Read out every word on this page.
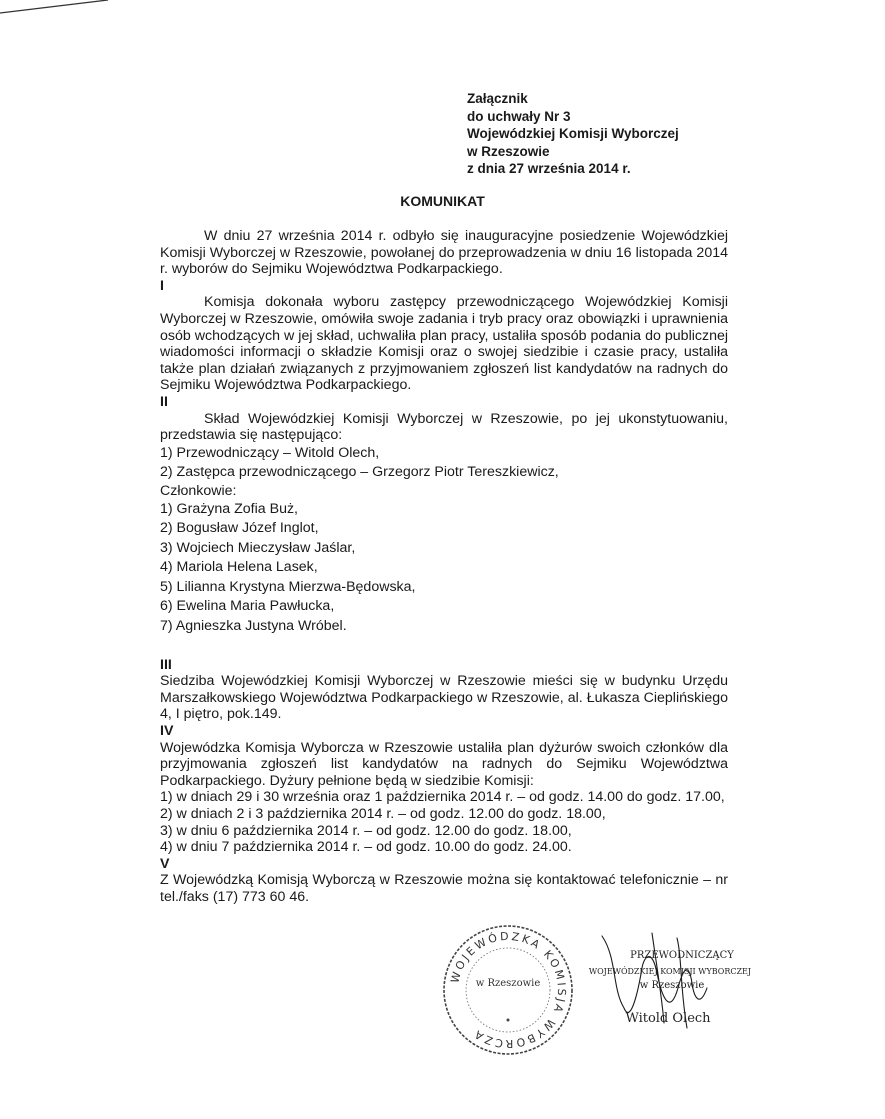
Załącznik
do uchwały Nr 3
Wojewódzkiej Komisji Wyborczej
w Rzeszowie
z dnia 27 września 2014 r.
KOMUNIKAT

W dniu 27 września 2014 r. odbyło się inauguracyjne posiedzenie Wojewódzkiej Komisji Wyborczej w Rzeszowie, powołanej do przeprowadzenia w dniu 16 listopada 2014 r. wyborów do Sejmiku Województwa Podkarpackiego.

I

Komisja dokonała wyboru zastępcy przewodniczącego Wojewódzkiej Komisji Wyborczej w Rzeszowie, omówiła swoje zadania i tryb pracy oraz obowiązki i uprawnienia osób wchodzących w jej skład, uchwaliła plan pracy, ustaliła sposób podania do publicznej wiadomości informacji o składzie Komisji oraz o swojej siedzibie i czasie pracy, ustaliła także plan działań związanych z przyjmowaniem zgłoszeń list kandydatów na radnych do Sejmiku Województwa Podkarpackiego.

II

Skład Wojewódzkiej Komisji Wyborczej w Rzeszowie, po jej ukonstytuowaniu, przedstawia się następująco:

1) Przewodniczący – Witold Olech,

2) Zastępca przewodniczącego – Grzegorz Piotr Tereszkiewicz,

Członkowie:

1) Grażyna Zofia Buż,

2) Bogusław Józef Inglot,

3) Wojciech Mieczysław Jaślar,

4) Mariola Helena Lasek,

5) Lilianna Krystyna Mierzwa-Będowska,

6) Ewelina Maria Pawłucka,

7) Agnieszka Justyna Wróbel.

III

Siedziba Wojewódzkiej Komisji Wyborczej w Rzeszowie mieści się w budynku Urzędu Marszałkowskiego Województwa Podkarpackiego w Rzeszowie, al. Łukasza Cieplińskiego 4, I piętro, pok.149.

IV

Wojewódzka Komisja Wyborcza w Rzeszowie ustaliła plan dyżurów swoich członków dla przyjmowania zgłoszeń list kandydatów na radnych do Sejmiku Województwa Podkarpackiego. Dyżury pełnione będą w siedzibie Komisji:

1) w dniach 29 i 30 września oraz 1 października 2014 r. – od godz. 14.00 do godz. 17.00,

2) w dniach 2 i 3 października 2014 r. – od godz. 12.00 do godz. 18.00,

3) w dniu 6 października 2014 r. – od godz. 12.00 do godz. 18.00,

4) w dniu 7 października 2014 r. – od godz. 10.00 do godz. 24.00.

V

Z Wojewódzką Komisją Wyborczą w Rzeszowie można się kontaktować telefonicznie – nr tel./faks (17) 773 60 46.

WOJEWÓDZKA KOMISJA WYBORCZA
w Rzeszowie
PRZEWODNICZĄCY
WOJEWÓDZKIEJ KOMISJI WYBORCZEJ
w Rzeszowie
Witold Olech
